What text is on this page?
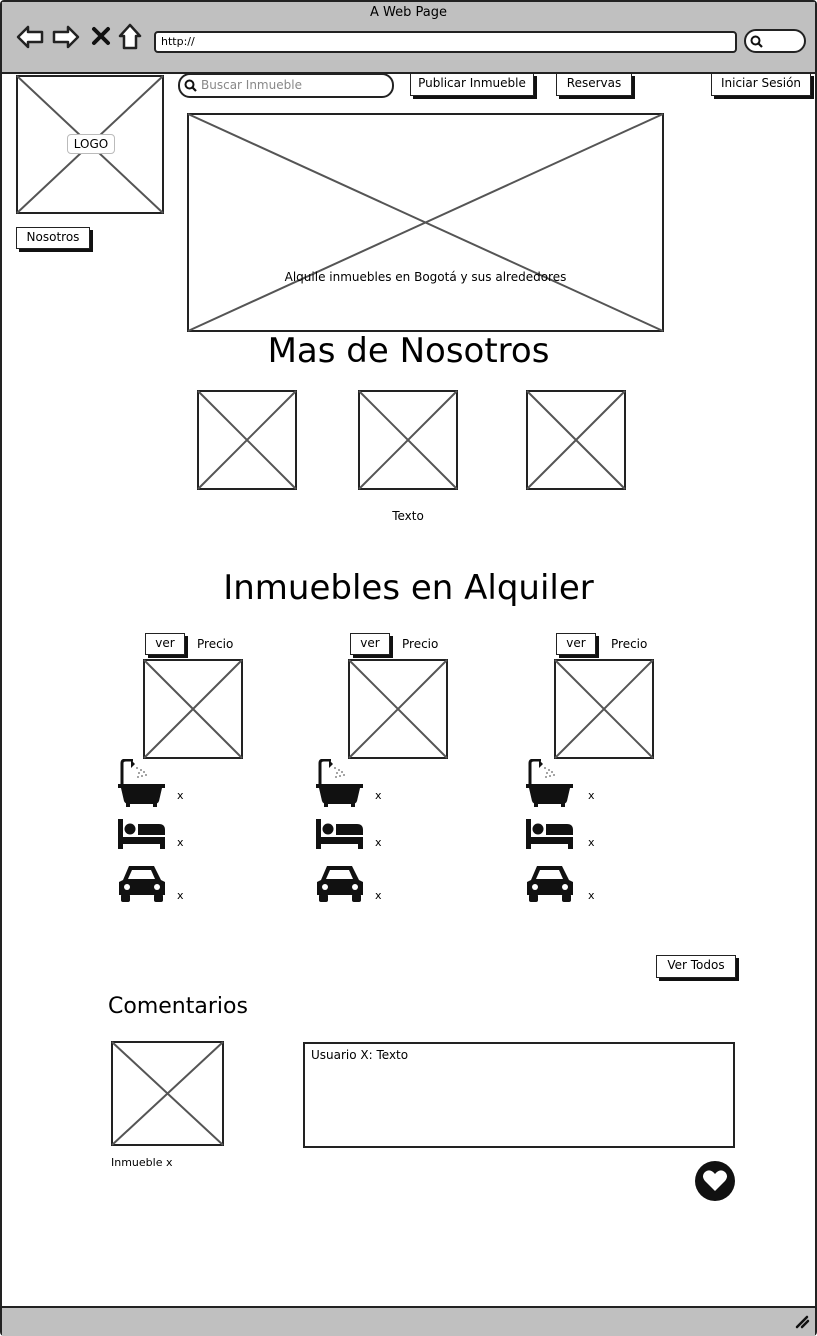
A Web Page
http://
LOGO
Nosotros
Buscar Inmueble	Publicar Inmueble	Reservas	Iniciar Sesión
Alquile inmuebles en Bogotá y sus alrededores
Mas de Nosotros
Texto
Inmuebles en Alquiler
ver	Precio
x
x
x
ver	Precio
x
x
x
ver	Precio
x
x
x
Ver Todos
Comentarios
Inmueble x
Usuario X: Texto
